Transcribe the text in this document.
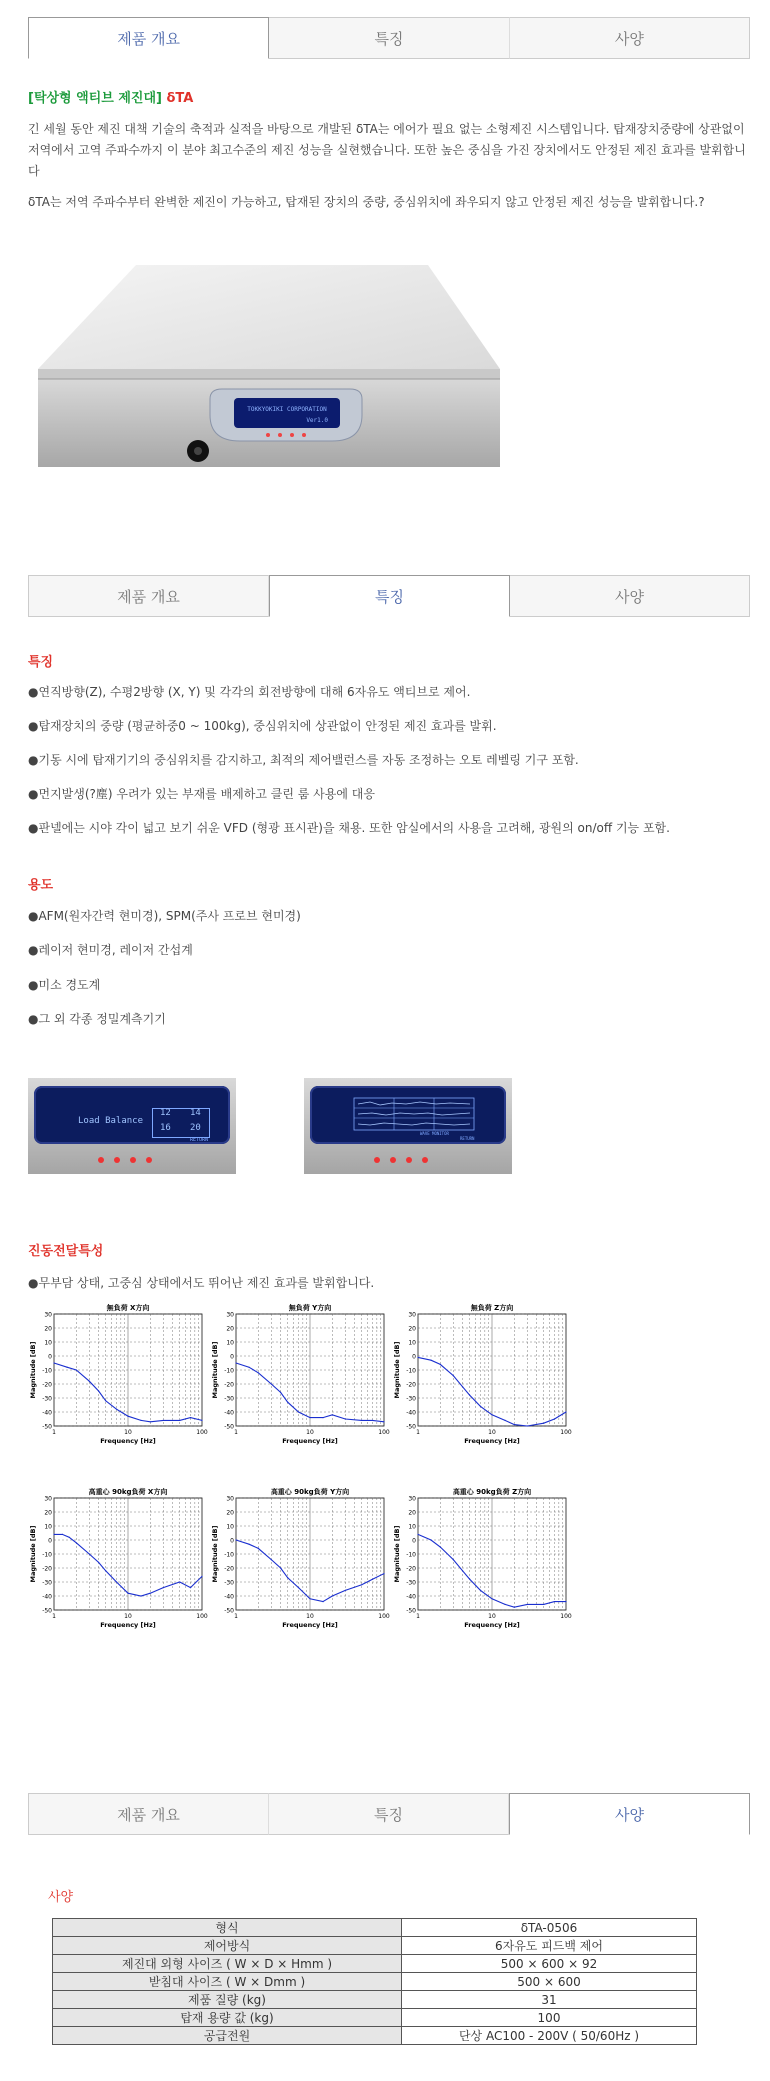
제품 개요	특징	사양
[탁상형 액티브 제진대] δTA

긴 세월 동안 제진 대책 기술의 축적과 실적을 바탕으로 개발된 δTA는 에어가 필요 없는 소형제진 시스템입니다. 탑재장치중량에 상관없이 저역에서 고역 주파수까지 이 분야 최고수준의 제진 성능을 실현했습니다. 또한 높은 중심을 가진 장치에서도 안정된 제진 효과를 발휘합니다

δTA는 저역 주파수부터 완벽한 제진이 가능하고, 탑재된 장치의 중량, 중심위치에 좌우되지 않고 안정된 제진 성능을 발휘합니다.?

TOKKYOKIKI CORPORATION
Ver1.0
제품 개요	특징	사양
특징
●연직방향(Z), 수평2방향 (X, Y) 및 각각의 회전방향에 대해 6자유도 액티브로 제어.
●탑재장치의 중량 (평균하중0 ~ 100kg), 중심위치에 상관없이 안정된 제진 효과를 발휘.
●기동 시에 탑재기기의 중심위치를 감지하고, 최적의 제어밸런스를 자동 조정하는 오토 레벨링 기구 포함.
●먼지발생(?塵) 우려가 있는 부재를 배제하고 클린 룸 사용에 대응
●판넬에는 시야 각이 넓고 보기 쉬운 VFD (형광 표시관)을 채용. 또한 암실에서의 사용을 고려해, 광원의 on/off 기능 포함.
용도
●AFM(원자간력 현미경), SPM(주사 프로브 현미경)
●레이저 현미경, 레이저 간섭계
●미소 경도계
●그 외 각종 정밀계측기기
Load Balance
12 14
16 20
RETURN
WAVE MONITOR
RETURN
진동전달특성
●무부담 상태, 고중심 상태에서도 뛰어난 제진 효과를 발휘합니다.
無負荷 X方向
30
20
10
0
-10
-20
-30
-40
-50
1	10	100
Frequency [Hz]
Magnitude [dB]
無負荷 Y方向
30
20
10
0
-10
-20
-30
-40
-50
1	10	100
Frequency [Hz]
Magnitude [dB]
無負荷 Z方向
30
20
10
0
-10
-20
-30
-40
-50
1	10	100
Frequency [Hz]
Magnitude [dB]
高重心 90kg負荷 X方向
30
20
10
0
-10
-20
-30
-40
-50
1	10	100
Frequency [Hz]
Magnitude [dB]
高重心 90kg負荷 Y方向
30
20
10
0
-10
-20
-30
-40
-50
1	10	100
Frequency [Hz]
Magnitude [dB]
高重心 90kg負荷 Z方向
30
20
10
0
-10
-20
-30
-40
-50
1	10	100
Frequency [Hz]
Magnitude [dB]
제품 개요	특징	사양
사양
형식	δTA-0506
제어방식	6자유도 피드백 제어
제진대 외형 사이즈 ( W × D × Hmm )	500 × 600 × 92
받침대 사이즈 ( W × Dmm )	500 × 600
제품 질량 (kg)	31
탑재 용량 값 (kg)	100
공급전원	단상 AC100 - 200V ( 50/60Hz )
